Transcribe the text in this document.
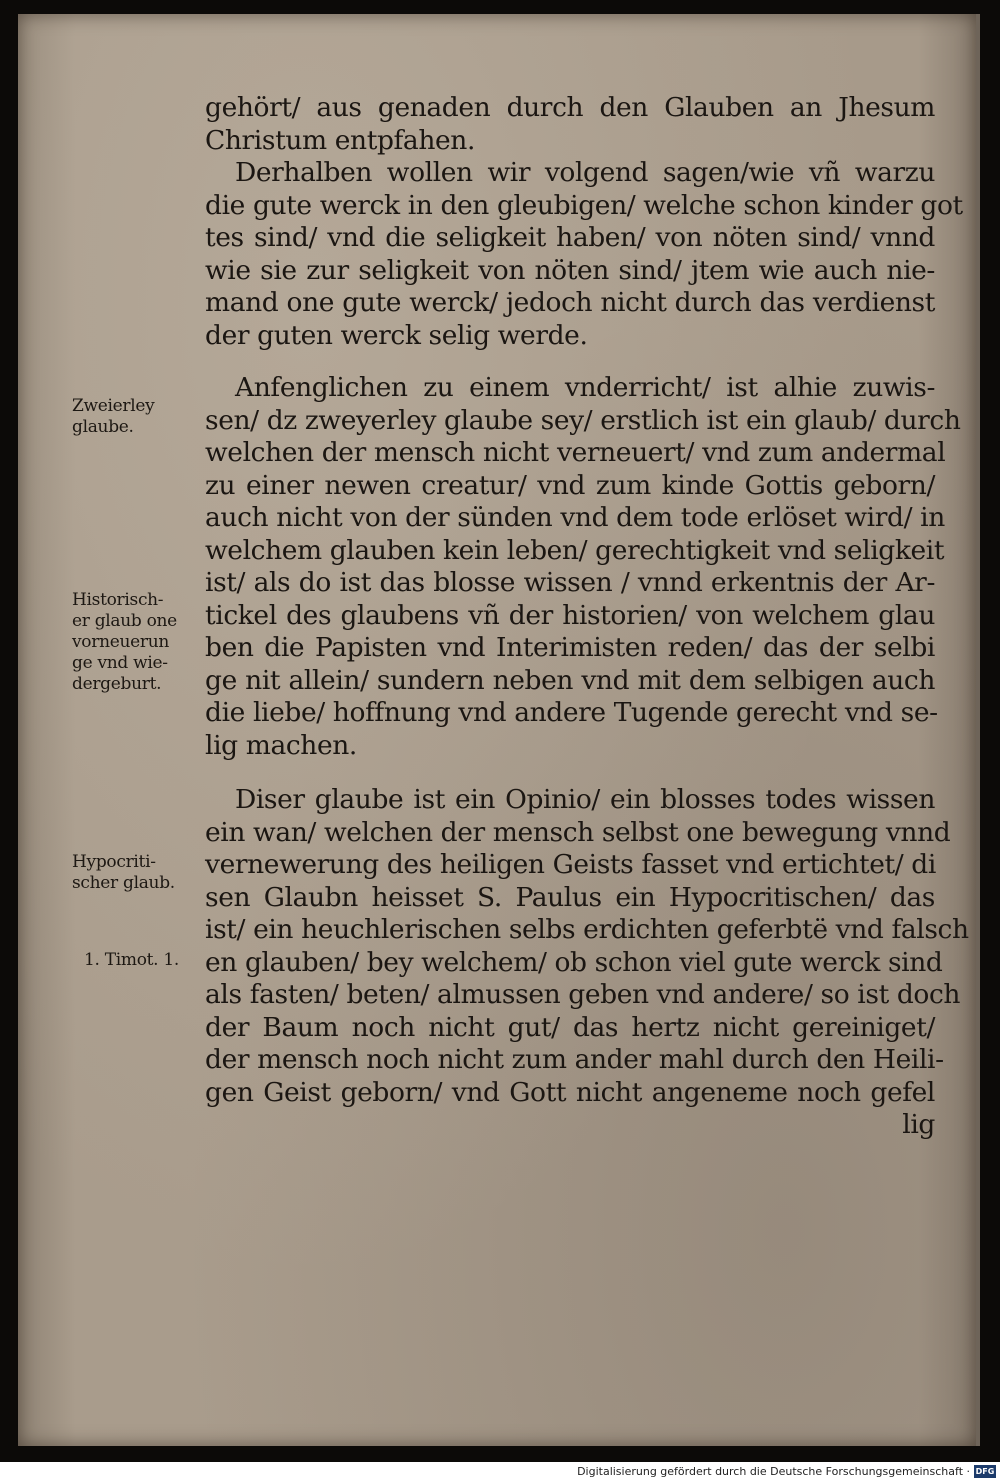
gehört/ aus genaden durch den Glauben an Jhesum
Christum entpfahen.
Derhalben wollen wir volgend sagen/wie vñ warzu
die gute werck in den gleubigen/ welche schon kinder got
tes sind/ vnd die seligkeit haben/ von nöten sind/ vnnd
wie sie zur seligkeit von nöten sind/ jtem wie auch nie-
mand one gute werck/ jedoch nicht durch das verdienst
der guten werck selig werde.
Anfenglichen zu einem vnderricht/ ist alhie zuwis-
sen/ dz zweyerley glaube sey/ erstlich ist ein glaub/ durch
welchen der mensch nicht verneuert/ vnd zum andermal
zu einer newen creatur/ vnd zum kinde Gottis geborn/
auch nicht von der sünden vnd dem tode erlöset wird/ in
welchem glauben kein leben/ gerechtigkeit vnd seligkeit
ist/ als do ist das blosse wissen / vnnd erkentnis der Ar-
tickel des glaubens vñ der historien/ von welchem glau
ben die Papisten vnd Interimisten reden/ das der selbi
ge nit allein/ sundern neben vnd mit dem selbigen auch
die liebe/ hoffnung vnd andere Tugende gerecht vnd se-
lig machen.
Diser glaube ist ein Opinio/ ein blosses todes wissen
ein wan/ welchen der mensch selbst one bewegung vnnd
vernewerung des heiligen Geists fasset vnd ertichtet/ di
sen Glaubn heisset S. Paulus ein Hypocritischen/ das
ist/ ein heuchlerischen selbs erdichten geferbtë vnd falsch
en glauben/ bey welchem/ ob schon viel gute werck sind
als fasten/ beten/ almussen geben vnd andere/ so ist doch
der Baum noch nicht gut/ das hertz nicht gereiniget/
der mensch noch nicht zum ander mahl durch den Heili-
gen Geist geborn/ vnd Gott nicht angeneme noch gefel
lig
Zweierley
glaube.
Historisch-
er glaub one
vorneuerun
ge vnd wie-
dergeburt.
Hypocriti-
scher glaub.
1. Timot. 1.
Digitalisierung gefördert durch die Deutsche Forschungsgemeinschaft · DFG
